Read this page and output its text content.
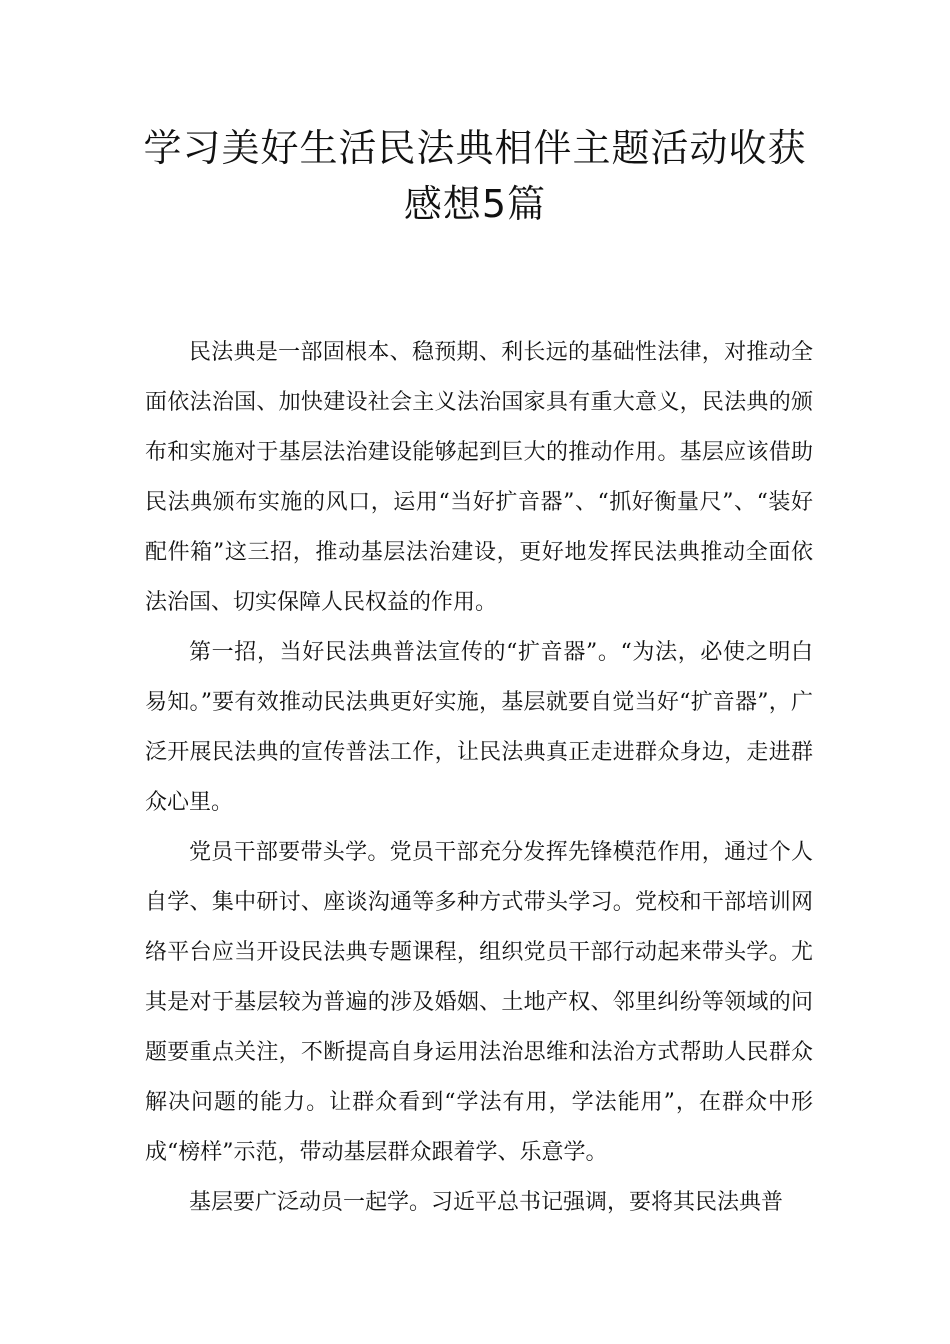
学习美好生活民法典相伴主题活动收获
感想5篇

民法典是一部固根本、稳预期、利长远的基础性法律，对推动全面依法治国、加快建设社会主义法治国家具有重大意义，民法典的颁布和实施对于基层法治建设能够起到巨大的推动作用。基层应该借助民法典颁布实施的风口，运用“当好扩音器”、“抓好衡量尺”、“装好配件箱”这三招，推动基层法治建设，更好地发挥民法典推动全面依法治国、切实保障人民权益的作用。

第一招，当好民法典普法宣传的“扩音器”。“为法，必使之明白易知。”要有效推动民法典更好实施，基层就要自觉当好“扩音器”，广泛开展民法典的宣传普法工作，让民法典真正走进群众身边，走进群众心里。

党员干部要带头学。党员干部充分发挥先锋模范作用，通过个人自学、集中研讨、座谈沟通等多种方式带头学习。党校和干部培训网络平台应当开设民法典专题课程，组织党员干部行动起来带头学。尤其是对于基层较为普遍的涉及婚姻、土地产权、邻里纠纷等领域的问题要重点关注，不断提高自身运用法治思维和法治方式帮助人民群众解决问题的能力。让群众看到“学法有用，学法能用”，在群众中形成“榜样”示范，带动基层群众跟着学、乐意学。

基层要广泛动员一起学。习近平总书记强调，要将其民法典普
